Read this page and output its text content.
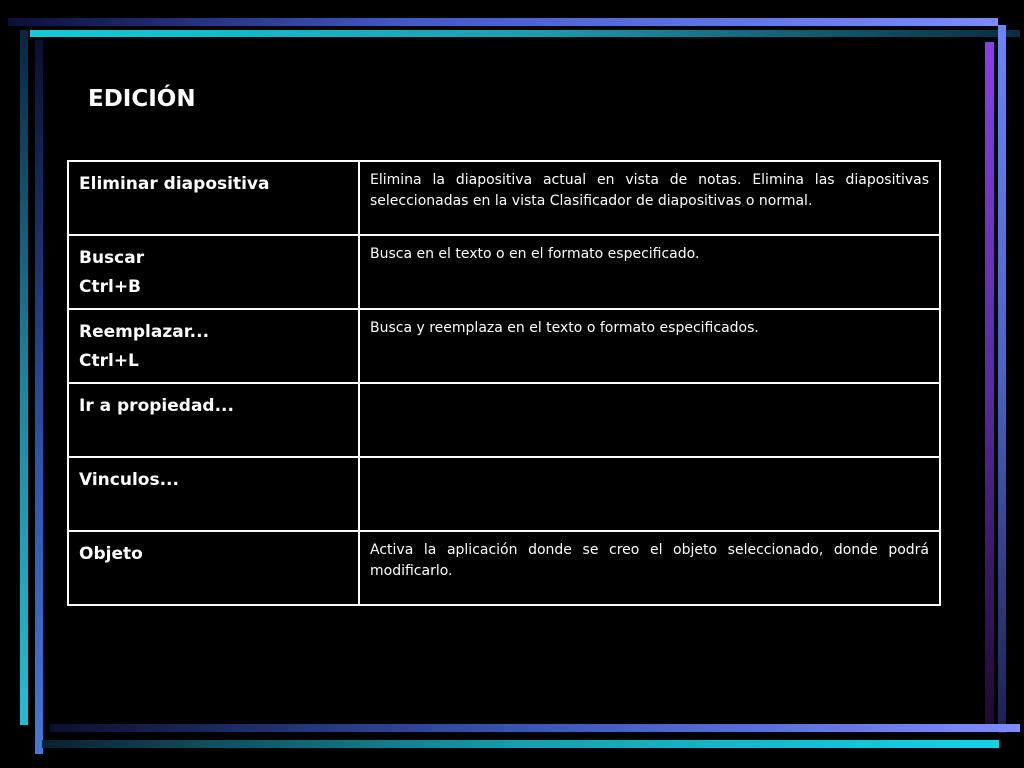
EDICIÓN
Eliminar diapositiva	Elimina la diapositiva actual en vista de notas. Elimina las diapositivas seleccionadas en la vista Clasificador de diapositivas o normal.

Buscar
Ctrl+B	Busca en el texto o en el formato especificado.

Reemplazar...
Ctrl+L	Busca y reemplaza en el texto o formato especificados.

Ir a propiedad...	

Vinculos...	

Objeto	Activa la aplicación donde se creo el objeto seleccionado, donde podrá modificarlo.
